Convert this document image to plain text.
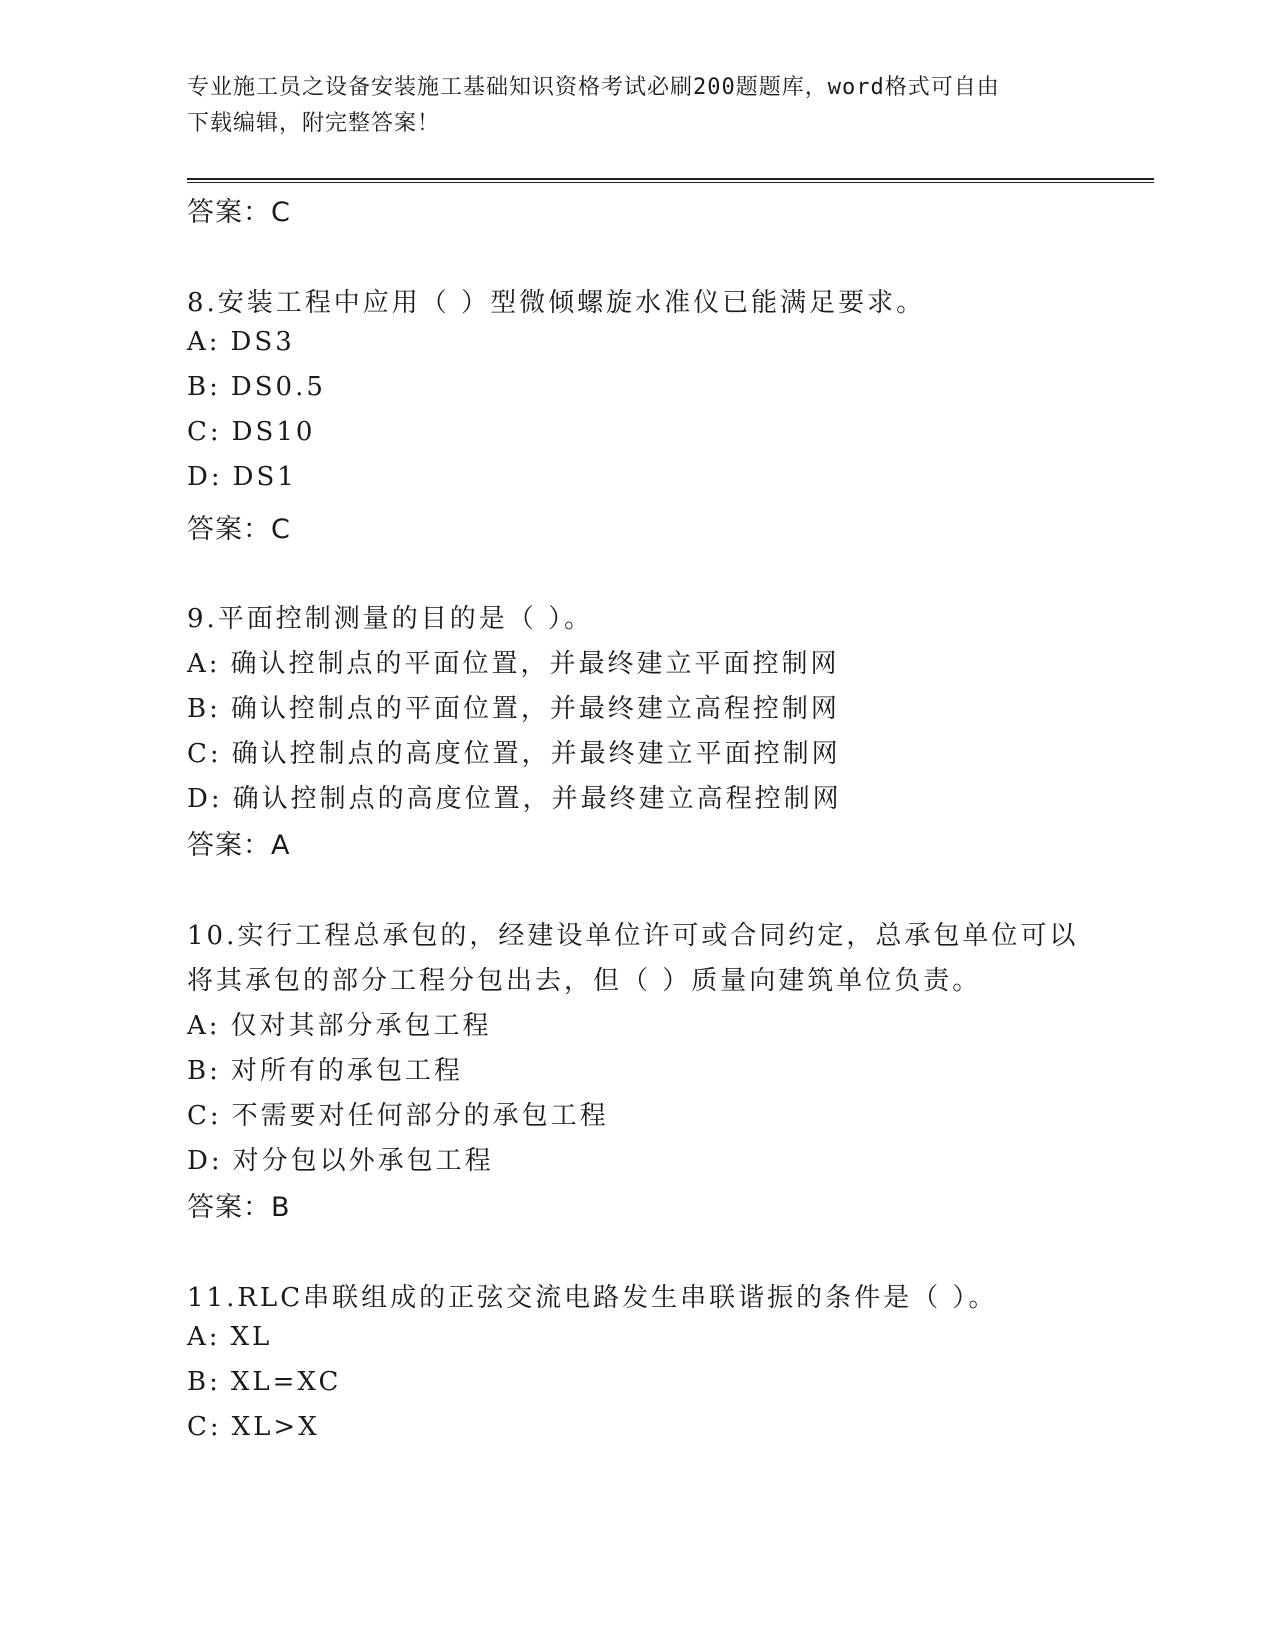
专业施工员之设备安装施工基础知识资格考试必刷200题题库，word格式可自由
下载编辑，附完整答案！
答案：C
8.安装工程中应用（ ）型微倾螺旋水准仪已能满足要求。
A: DS3
B: DS0.5
C: DS10
D: DS1
答案：C
9.平面控制测量的目的是（ ）。
A: 确认控制点的平面位置，并最终建立平面控制网
B: 确认控制点的平面位置，并最终建立高程控制网
C: 确认控制点的高度位置，并最终建立平面控制网
D: 确认控制点的高度位置，并最终建立高程控制网
答案：A
10.实行工程总承包的，经建设单位许可或合同约定，总承包单位可以
将其承包的部分工程分包出去，但（ ）质量向建筑单位负责。
A: 仅对其部分承包工程
B: 对所有的承包工程
C: 不需要对任何部分的承包工程
D: 对分包以外承包工程
答案：B
11.RLC串联组成的正弦交流电路发生串联谐振的条件是（ ）。
A: XL
B: XL=XC
C: XL>X
